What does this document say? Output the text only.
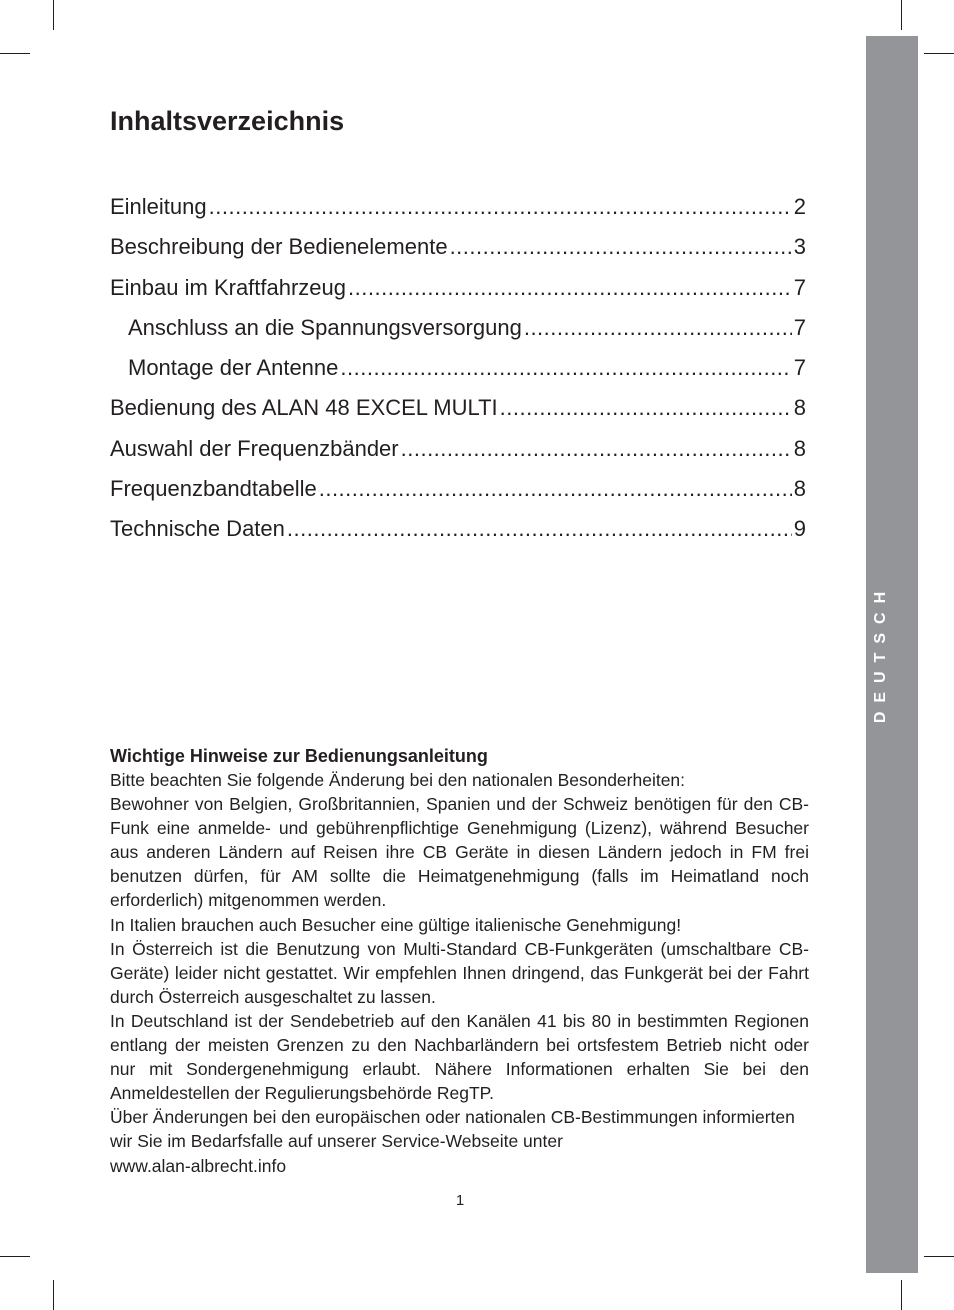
DEUTSCH
Inhaltsverzeichnis
Einleitung .....	2
Beschreibung der Bedienelemente .....	3
Einbau im Kraftfahrzeug .....	7
Anschluss an die Spannungsversorgung .....	7
Montage der Antenne .....	7
Bedienung des ALAN 48 EXCEL MULTI .....	8
Auswahl der Frequenzbänder .....	8
Frequenzbandtabelle .....	8
Technische Daten .....	9
Wichtige Hinweise zur Bedienungsanleitung

Bitte beachten Sie folgende Änderung bei den nationalen Besonderheiten:

Bewohner von Belgien, Großbritannien, Spanien und der Schweiz benötigen für den CB-Funk eine anmelde- und gebührenpflichtige Genehmigung (Lizenz), während Besucher aus anderen Ländern auf Reisen ihre CB Geräte in diesen Ländern jedoch in FM frei benutzen dürfen, für AM sollte die Heimatgenehmigung (falls im Heimatland noch erforderlich) mitgenommen werden.

In Italien brauchen auch Besucher eine gültige italienische Genehmigung!

In Österreich ist die Benutzung von Multi-Standard CB-Funkgeräten (umschaltbare CB-Geräte) leider nicht gestattet. Wir empfehlen Ihnen dringend, das Funkgerät bei der Fahrt durch Österreich ausgeschaltet zu lassen.

In Deutschland ist der Sendebetrieb auf den Kanälen 41 bis 80 in bestimmten Regionen entlang der meisten Grenzen zu den Nachbarländern bei ortsfestem Betrieb nicht oder nur mit Sondergenehmigung erlaubt. Nähere Informationen erhalten Sie bei den Anmeldestellen der Regulierungsbehörde RegTP.

Über Änderungen bei den europäischen oder nationalen CB-Bestimmungen informierten wir Sie im Bedarfsfalle auf unserer Service-Webseite unter

www.alan-albrecht.info

1
